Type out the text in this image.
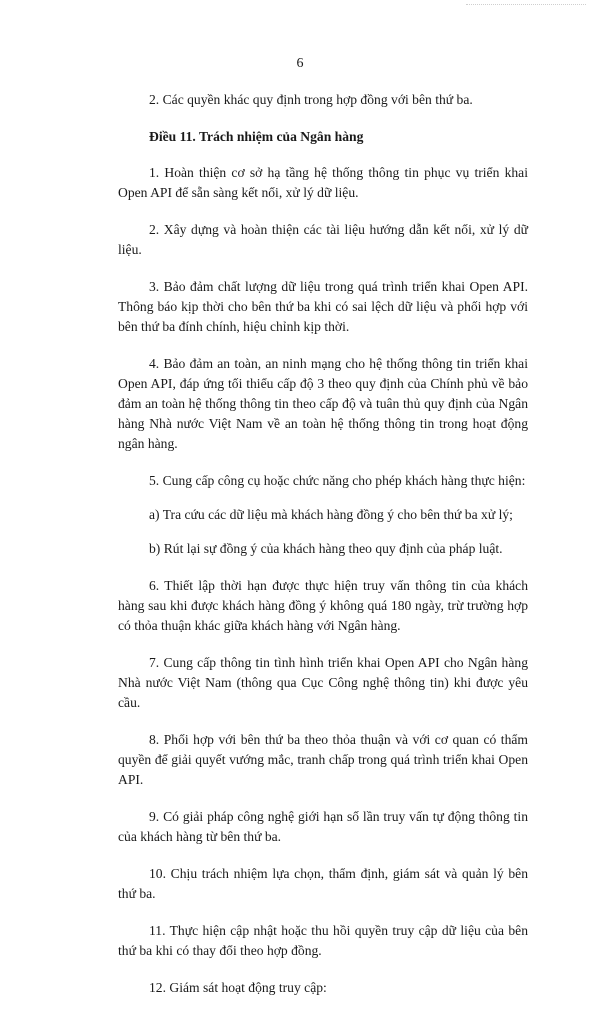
6

2. Các quyền khác quy định trong hợp đồng với bên thứ ba.

Điều 11. Trách nhiệm của Ngân hàng

1. Hoàn thiện cơ sở hạ tầng hệ thống thông tin phục vụ triển khai Open API để sẵn sàng kết nối, xử lý dữ liệu.

2. Xây dựng và hoàn thiện các tài liệu hướng dẫn kết nối, xử lý dữ liệu.

3. Bảo đảm chất lượng dữ liệu trong quá trình triển khai Open API. Thông báo kịp thời cho bên thứ ba khi có sai lệch dữ liệu và phối hợp với bên thứ ba đính chính, hiệu chỉnh kịp thời.

4. Bảo đảm an toàn, an ninh mạng cho hệ thống thông tin triển khai Open API, đáp ứng tối thiểu cấp độ 3 theo quy định của Chính phủ về bảo đảm an toàn hệ thống thông tin theo cấp độ và tuân thủ quy định của Ngân hàng Nhà nước Việt Nam về an toàn hệ thống thông tin trong hoạt động ngân hàng.

5. Cung cấp công cụ hoặc chức năng cho phép khách hàng thực hiện:

a) Tra cứu các dữ liệu mà khách hàng đồng ý cho bên thứ ba xử lý;

b) Rút lại sự đồng ý của khách hàng theo quy định của pháp luật.

6. Thiết lập thời hạn được thực hiện truy vấn thông tin của khách hàng sau khi được khách hàng đồng ý không quá 180 ngày, trừ trường hợp có thỏa thuận khác giữa khách hàng với Ngân hàng.

7. Cung cấp thông tin tình hình triển khai Open API cho Ngân hàng Nhà nước Việt Nam (thông qua Cục Công nghệ thông tin) khi được yêu cầu.

8. Phối hợp với bên thứ ba theo thỏa thuận và với cơ quan có thẩm quyền để giải quyết vướng mắc, tranh chấp trong quá trình triển khai Open API.

9. Có giải pháp công nghệ giới hạn số lần truy vấn tự động thông tin của khách hàng từ bên thứ ba.

10. Chịu trách nhiệm lựa chọn, thẩm định, giám sát và quản lý bên thứ ba.

11. Thực hiện cập nhật hoặc thu hồi quyền truy cập dữ liệu của bên thứ ba khi có thay đổi theo hợp đồng.

12. Giám sát hoạt động truy cập:
